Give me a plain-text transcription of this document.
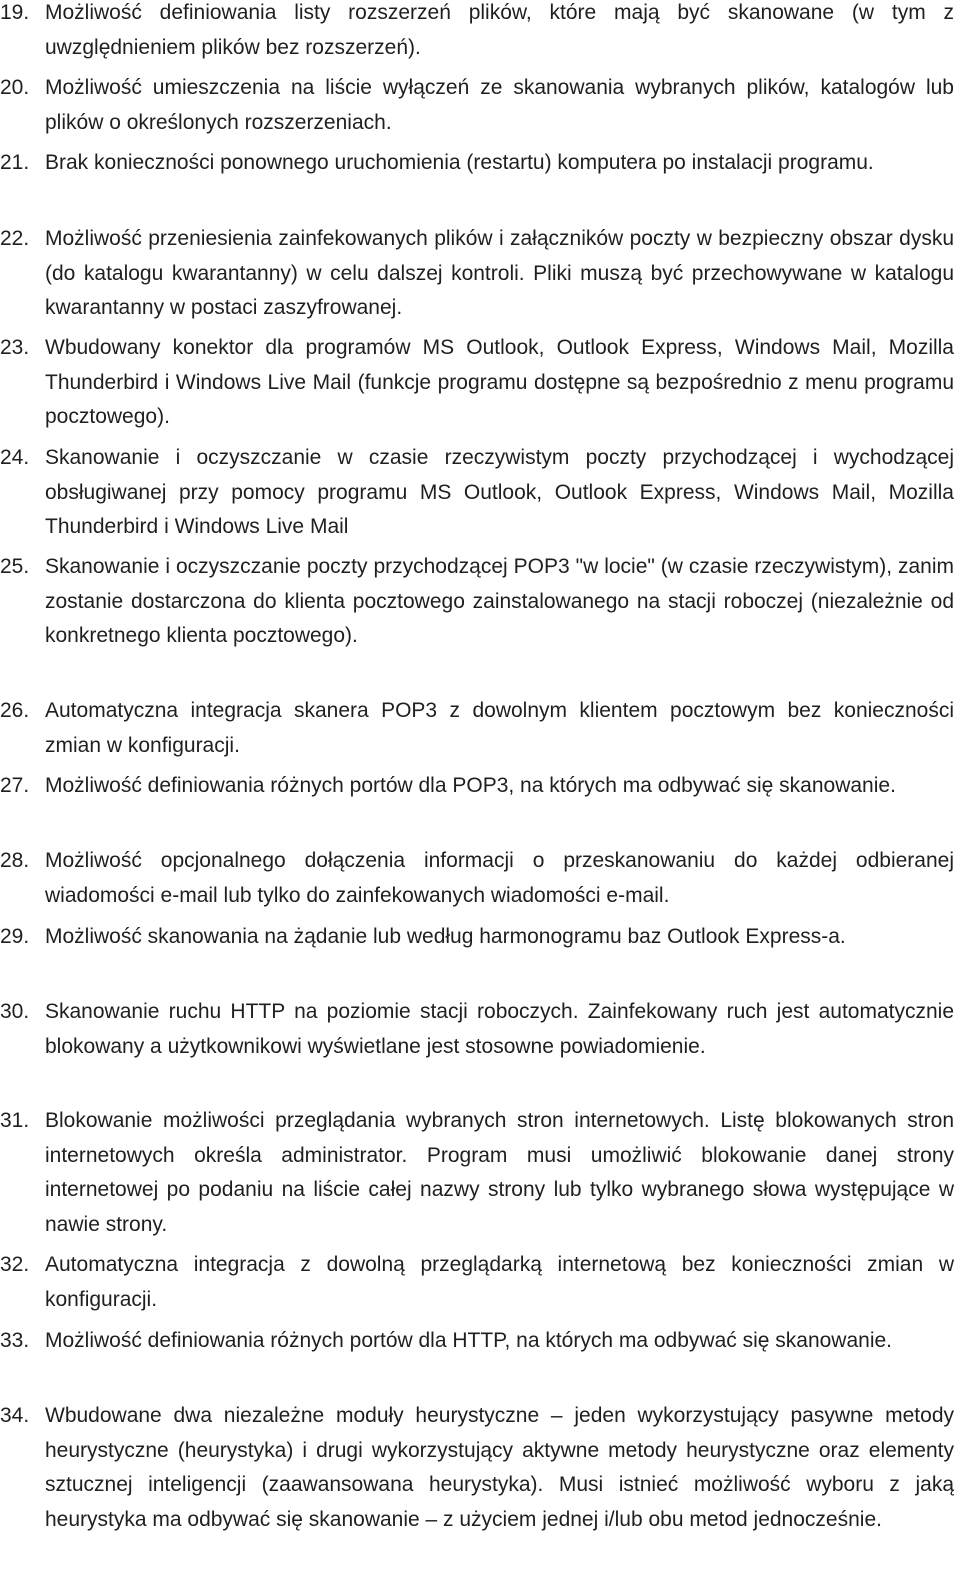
19. Możliwość definiowania listy rozszerzeń plików, które mają być skanowane (w tym z uwzględnieniem plików bez rozszerzeń).
20. Możliwość umieszczenia na liście wyłączeń ze skanowania wybranych plików, katalogów lub plików o określonych rozszerzeniach.
21. Brak konieczności ponownego uruchomienia (restartu) komputera po instalacji programu.
22. Możliwość przeniesienia zainfekowanych plików i załączników poczty w bezpieczny obszar dysku (do katalogu kwarantanny) w celu dalszej kontroli. Pliki muszą być przechowywane w katalogu kwarantanny w postaci zaszyfrowanej.
23. Wbudowany konektor dla programów MS Outlook, Outlook Express, Windows Mail, Mozilla Thunderbird i Windows Live Mail (funkcje programu dostępne są bezpośrednio z menu programu pocztowego).
24. Skanowanie i oczyszczanie w czasie rzeczywistym poczty przychodzącej i wychodzącej obsługiwanej przy pomocy programu MS Outlook, Outlook Express, Windows Mail, Mozilla Thunderbird i Windows Live Mail
25. Skanowanie i oczyszczanie poczty przychodzącej POP3 "w locie" (w czasie rzeczywistym), zanim zostanie dostarczona do klienta pocztowego zainstalowanego na stacji roboczej (niezależnie od konkretnego klienta pocztowego).
26. Automatyczna integracja skanera POP3 z dowolnym klientem pocztowym bez konieczności zmian w konfiguracji.
27. Możliwość definiowania różnych portów dla POP3, na których ma odbywać się skanowanie.
28. Możliwość opcjonalnego dołączenia informacji o przeskanowaniu do każdej odbieranej wiadomości e-mail lub tylko do zainfekowanych wiadomości e-mail.
29. Możliwość skanowania na żądanie lub według harmonogramu baz Outlook Express-a.
30. Skanowanie ruchu HTTP na poziomie stacji roboczych. Zainfekowany ruch jest automatycznie blokowany a użytkownikowi wyświetlane jest stosowne powiadomienie.
31. Blokowanie możliwości przeglądania wybranych stron internetowych. Listę blokowanych stron internetowych określa administrator. Program musi umożliwić blokowanie danej strony internetowej po podaniu na liście całej nazwy strony lub tylko wybranego słowa występujące w nawie strony.
32. Automatyczna integracja z dowolną przeglądarką internetową bez konieczności zmian w konfiguracji.
33. Możliwość definiowania różnych portów dla HTTP, na których ma odbywać się skanowanie.
34. Wbudowane dwa niezależne moduły heurystyczne – jeden wykorzystujący pasywne metody heurystyczne (heurystyka) i drugi wykorzystujący aktywne metody heurystyczne oraz elementy sztucznej inteligencji (zaawansowana heurystyka). Musi istnieć możliwość wyboru z jaką heurystyka ma odbywać się skanowanie – z użyciem jednej i/lub obu metod jednocześnie.
